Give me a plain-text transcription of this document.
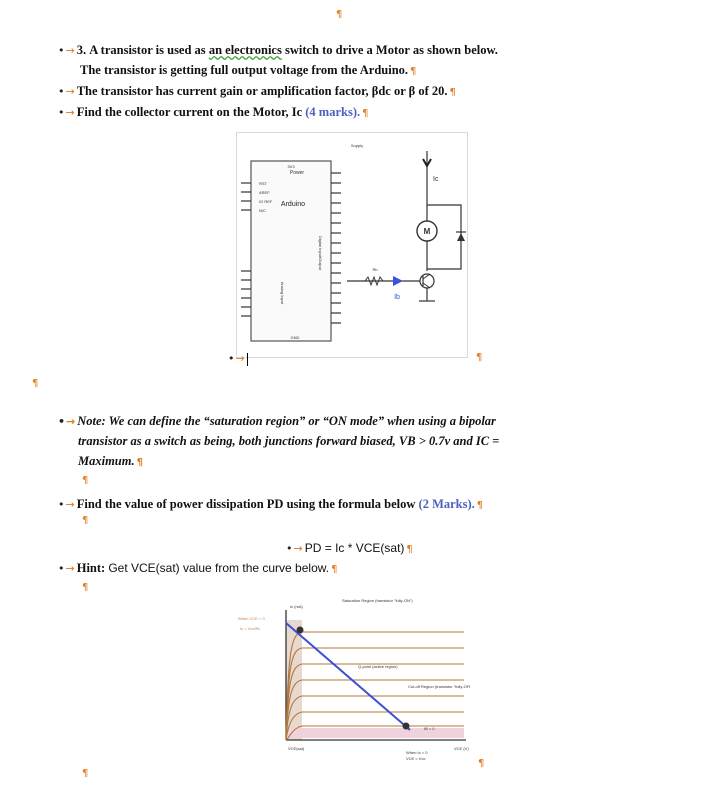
¶
•→ 3. A transistor is used as an electronics switch to drive a Motor as shown below.
The transistor is getting full output voltage from the Arduino. ¶
•→ The transistor has current gain or amplification factor, βdc or β of 20. ¶
•→ Find the collector current on the Motor, Ic (4 marks). ¶
3V3
Power
Arduino
RST
AREF
IO REF
N/C
GND
Analog Input
Digital Input/Output
Supply
Ic
M
Rb
Ib
•→	¶
¶
•→ Note: We can define the “saturation region” or “ON mode” when using a bipolar
transistor as a switch as being, both junctions forward biased, VB > 0.7v and IC =
Maximum. ¶
¶
•→ Find the value of power dissipation PD using the formula below (2 Marks). ¶
¶
•→ PD = Ic * VCE(sat) ¶
•→ Hint: Get VCE(sat) value from the curve below. ¶
¶
Ic (mA)
VCE (V)
Saturation Region (transistor "fully-ON")
Q-point (active region)
Cut-off Region (transistor "fully-OFF")
When VCE = 0
Ic = Vcc/RL
VCE(sat)
When Ic = 0
VCE = Vcc
IB = 0
¶
¶
